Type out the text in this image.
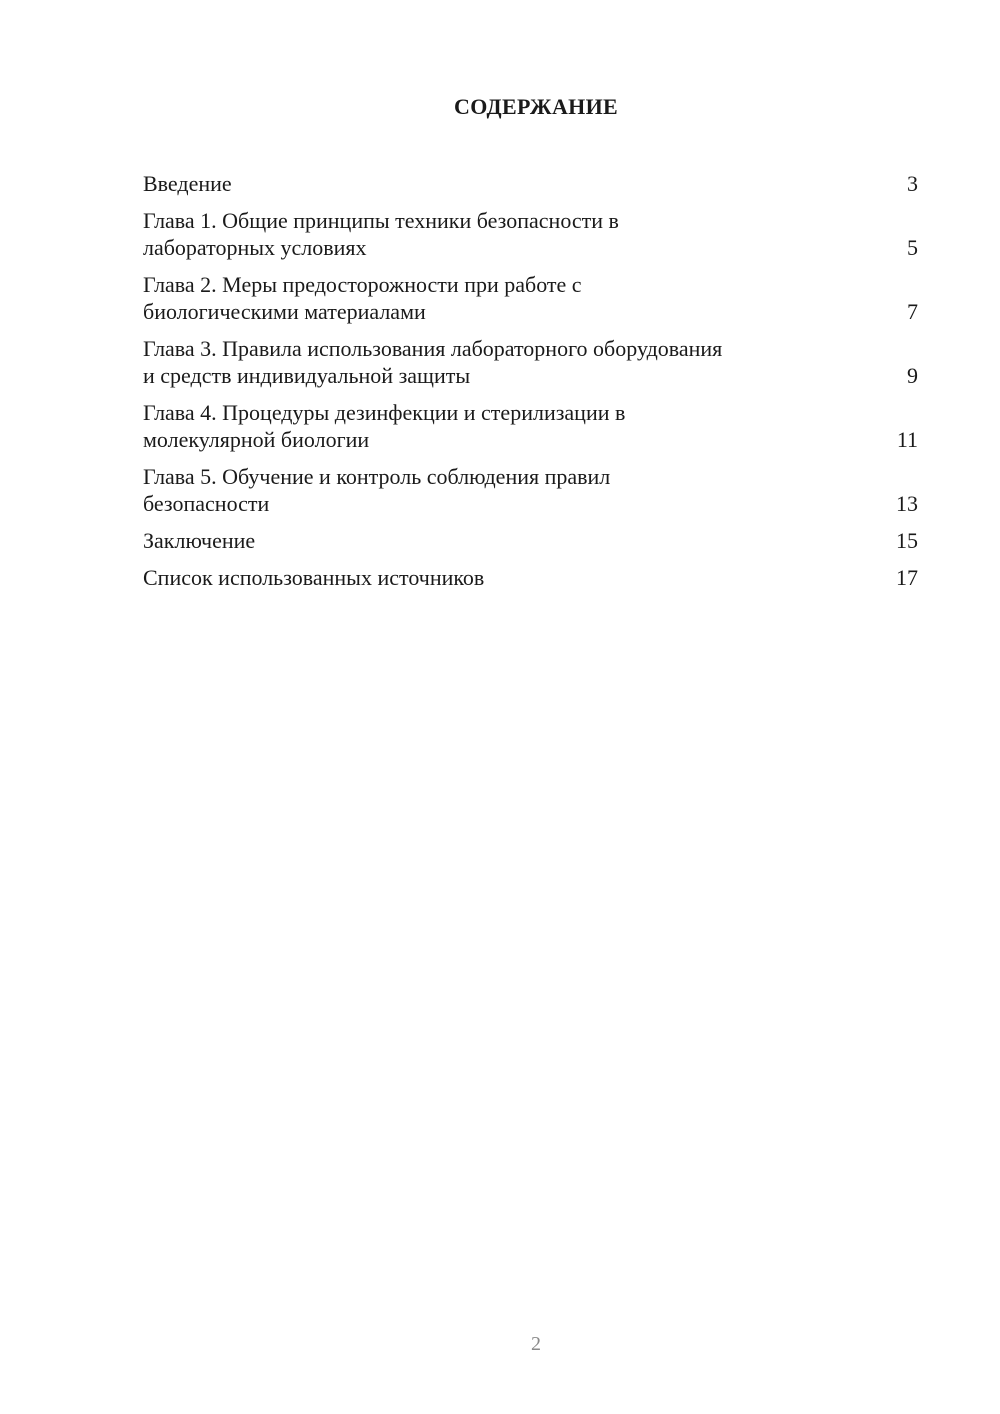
СОДЕРЖАНИЕ
Введение	3
Глава 1. Общие принципы техники безопасности в
лабораторных условиях	5
Глава 2. Меры предосторожности при работе с
биологическими материалами	7
Глава 3. Правила использования лабораторного оборудования
и средств индивидуальной защиты	9
Глава 4. Процедуры дезинфекции и стерилизации в
молекулярной биологии	11
Глава 5. Обучение и контроль соблюдения правил
безопасности	13
Заключение	15
Список использованных источников	17
2
